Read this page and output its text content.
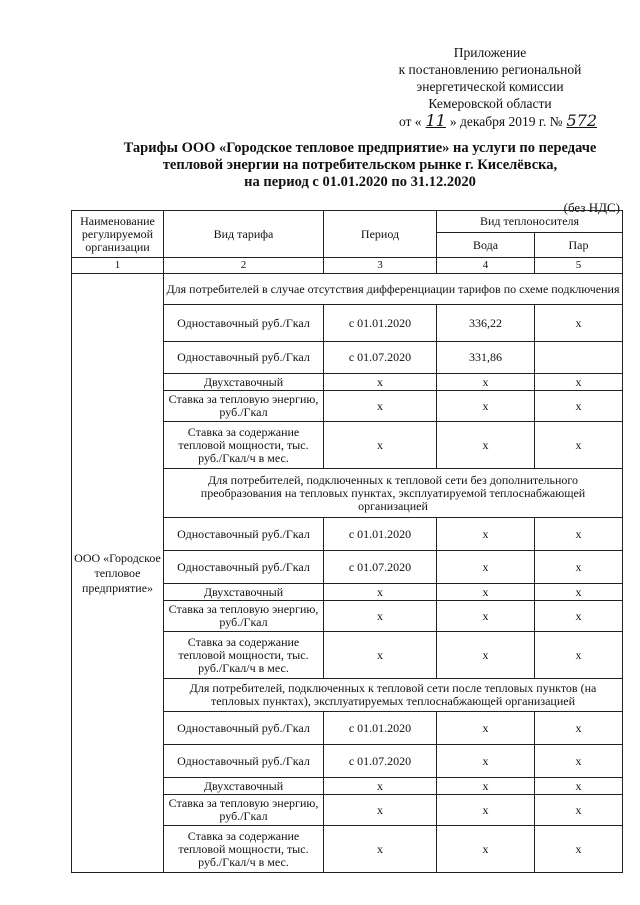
Приложение
к постановлению региональной
энергетической комиссии
Кемеровской области
от « 11 » декабря 2019 г. № 572
Тарифы ООО «Городское тепловое предприятие» на услуги по передаче
тепловой энергии на потребительском рынке г. Киселёвска,
на период с 01.01.2020 по 31.12.2020
(без НДС)
Наименование регулируемой организации	Вид тарифа	Период	Вид теплоносителя	
			Вода	Пар
1	2	3	4	5
ООО «Городское тепловое предприятие»	Для потребителей в случае отсутствия дифференциации тарифов по схеме подключения			
	Одноставочный руб./Гкал	с 01.01.2020	336,22	x
	Одноставочный руб./Гкал	с 01.07.2020	331,86	
	Двухставочный	x	x	x
	Ставка за тепловую энергию, руб./Гкал	x	x	x
	Ставка за содержание тепловой мощности, тыс. руб./Гкал/ч в мес.	x	x	x
	Для потребителей, подключенных к тепловой сети без дополнительного преобразования на тепловых пунктах, эксплуатируемой теплоснабжающей организацией			
	Одноставочный руб./Гкал	с 01.01.2020	x	x
	Одноставочный руб./Гкал	с 01.07.2020	x	x
	Двухставочный	x	x	x
	Ставка за тепловую энергию, руб./Гкал	x	x	x
	Ставка за содержание тепловой мощности, тыс. руб./Гкал/ч в мес.	x	x	x
	Для потребителей, подключенных к тепловой сети после тепловых пунктов (на тепловых пунктах), эксплуатируемых теплоснабжающей организацией			
	Одноставочный руб./Гкал	с 01.01.2020	x	x
	Одноставочный руб./Гкал	с 01.07.2020	x	x
	Двухставочный	x	x	x
	Ставка за тепловую энергию, руб./Гкал	x	x	x
	Ставка за содержание тепловой мощности, тыс. руб./Гкал/ч в мес.	x	x	x
